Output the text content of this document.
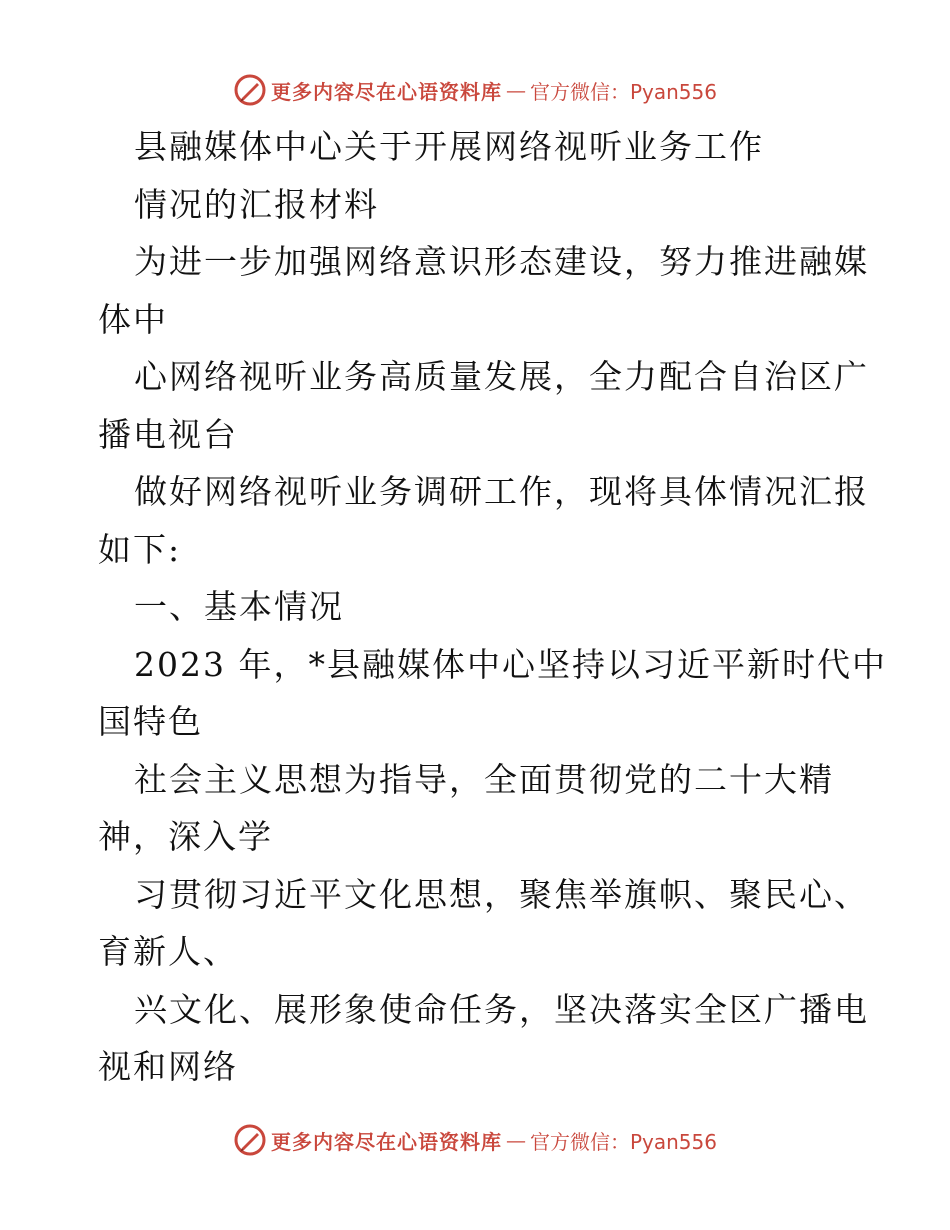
更多内容尽在心语资料库 — 官方微信：Pyan556
县融媒体中心关于开展网络视听业务工作
情况的汇报材料
为进一步加强网络意识形态建设，努力推进融媒
体中
心网络视听业务高质量发展，全力配合自治区广
播电视台
做好网络视听业务调研工作，现将具体情况汇报
如下:
一、基本情况
2023 年，*县融媒体中心坚持以习近平新时代中
国特色
社会主义思想为指导，全面贯彻党的二十大精
神，深入学
习贯彻习近平文化思想，聚焦举旗帜、聚民心、
育新人、
兴文化、展形象使命任务，坚决落实全区广播电
视和网络
更多内容尽在心语资料库 — 官方微信：Pyan556
